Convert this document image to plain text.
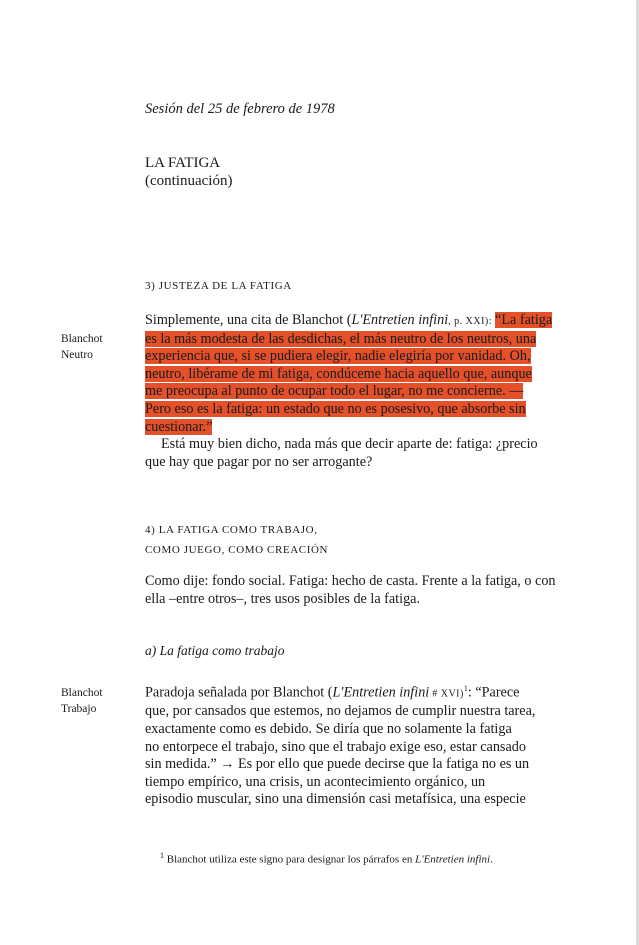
Sesión del 25 de febrero de 1978
LA FATIGA
(continuación)
3) JUSTEZA DE LA FATIGA
Blanchot
Neutro
Simplemente, una cita de Blanchot (L'Entretien infini, p. XXI): “La fatiga
es la más modesta de las desdichas, el más neutro de los neutros, una
experiencia que, si se pudiera elegir, nadie elegiría por vanidad. Oh,
neutro, libérame de mi fatiga, condúceme hacia aquello que, aunque
me preocupa al punto de ocupar todo el lugar, no me concierne. —
Pero eso es la fatiga: un estado que no es posesivo, que absorbe sin
cuestionar.”
Está muy bien dicho, nada más que decir aparte de: fatiga: ¿precio
que hay que pagar por no ser arrogante?
4) LA FATIGA COMO TRABAJO,
COMO JUEGO, COMO CREACIÓN
Como dije: fondo social. Fatiga: hecho de casta. Frente a la fatiga, o con
ella –entre otros–, tres usos posibles de la fatiga.
a) La fatiga como trabajo
Blanchot
Trabajo
Paradoja señalada por Blanchot (L'Entretien infini # XVI)$^1$: “Parece
que, por cansados que estemos, no dejamos de cumplir nuestra tarea,
exactamente como es debido. Se diría que no solamente la fatiga
no entorpece el trabajo, sino que el trabajo exige eso, estar cansado
sin medida.” → Es por ello que puede decirse que la fatiga no es un
tiempo empírico, una crisis, un acontecimiento orgánico, un
episodio muscular, sino una dimensión casi metafísica, una especie
$^1$ Blanchot utiliza este signo para designar los párrafos en L'Entretien infini.
